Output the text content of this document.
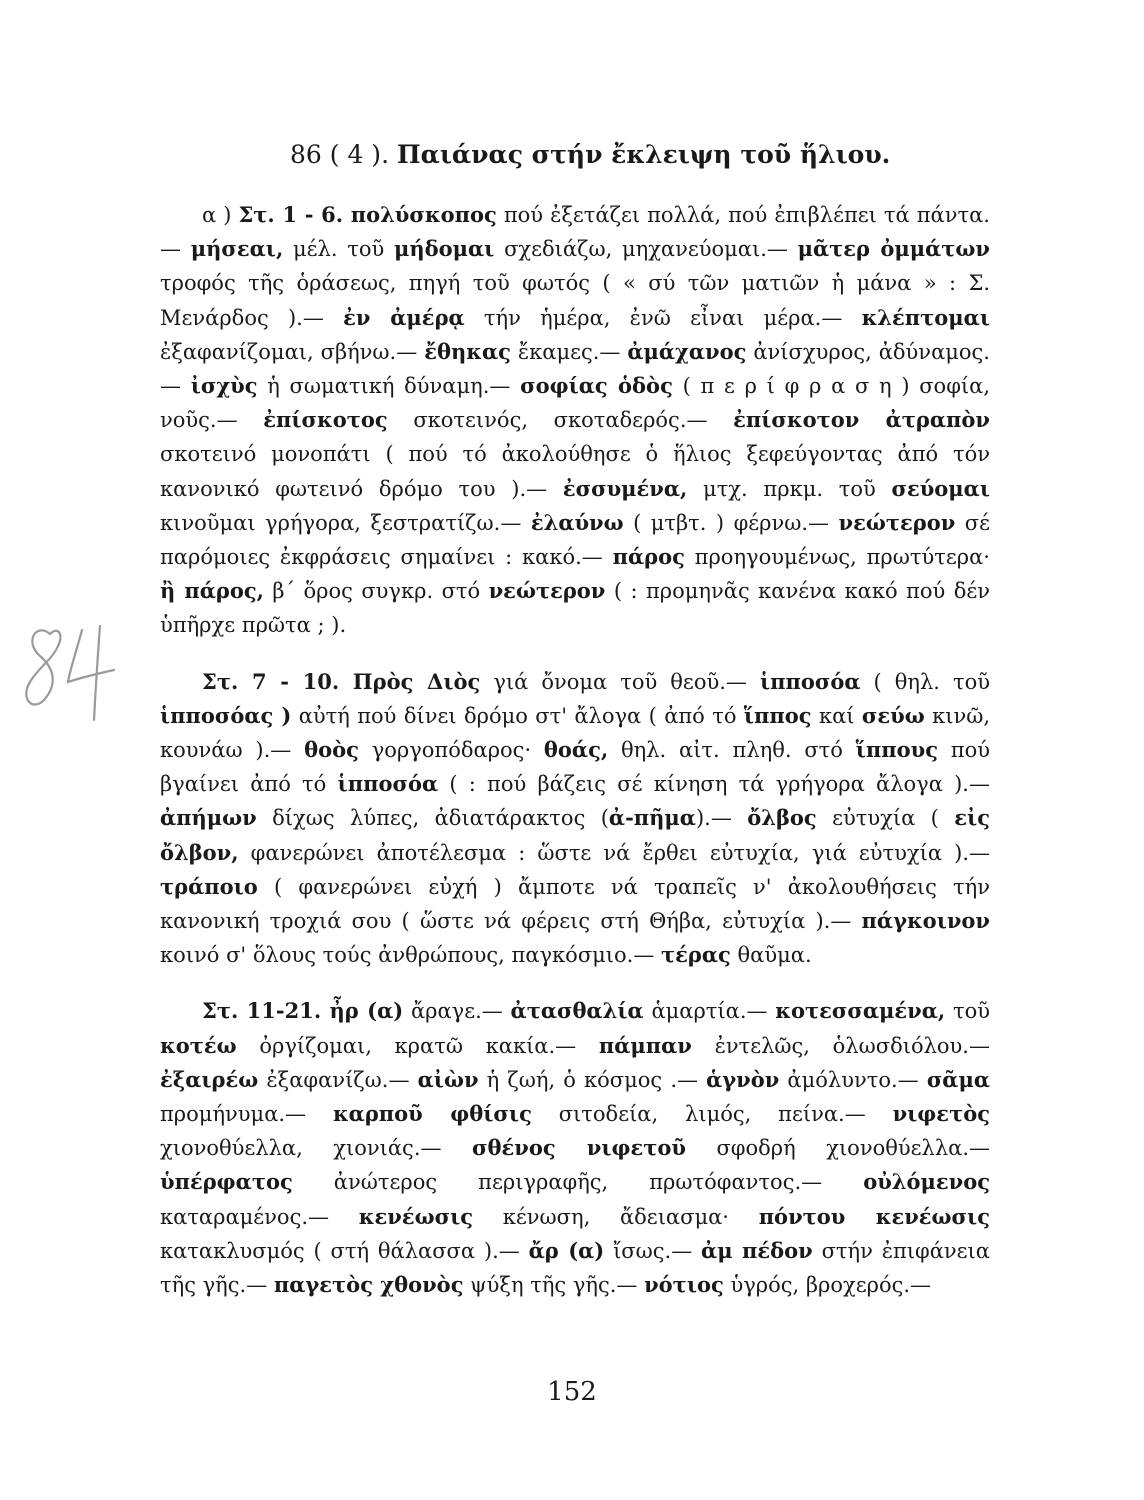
86 ( 4 ). Παιάνας στήν ἔκλειψη τοῦ ἥλιου.

α ) Στ. 1 - 6. πολύσκοπος πού ἐξετάζει πολλά, πού ἐπιβλέπει τά πάντα.— μήσεαι, μέλ. τοῦ μήδομαι σχεδιάζω, μηχανεύομαι.— μᾶτερ ὀμμάτων τροφός τῆς ὁράσεως, πηγή τοῦ φωτός ( « σύ τῶν ματιῶν ἡ μάνα » : Σ. Μενάρδος ).— ἐν ἀμέρᾳ τήν ἡμέρα, ἐνῶ εἶναι μέρα.— κλέπτομαι ἐξαφανίζομαι, σβήνω.— ἔθηκας ἔκαμες.— ἀμάχανος ἀνίσχυρος, ἀδύναμος.— ἰσχὺς ἡ σωματική δύναμη.— σοφίας ὁδὸς ( π ε ρ ί φ ρ α σ η ) σοφία, νοῦς.— ἐπίσκοτος σκοτεινός, σκοταδερός.— ἐπίσκοτον ἀτραπὸν σκοτεινό μονοπάτι ( πού τό ἀκολούθησε ὁ ἥλιος ξεφεύγοντας ἀπό τόν κανονικό φωτεινό δρόμο του ).— ἐσσυμένα, μτχ. πρκμ. τοῦ σεύομαι κινοῦμαι γρήγορα, ξεστρατίζω.— ἐλαύνω ( μτβτ. ) φέρνω.— νεώτερον σέ παρόμοιες ἐκφράσεις σημαίνει : κακό.— πάρος προηγουμένως, πρωτύτερα· ἢ πάρος, β΄ ὅρος συγκρ. στό νεώτερον ( : προμηνᾶς κανένα κακό πού δέν ὑπῆρχε πρῶτα ; ).

Στ. 7 - 10. Πρὸς Διὸς γιά ὄνομα τοῦ θεοῦ.— ἱπποσόα ( θηλ. τοῦ ἱπποσόας ) αὐτή πού δίνει δρόμο στ' ἄλογα ( ἀπό τό ἵππος καί σεύω κινῶ, κουνάω ).— θοὸς γοργοπόδαρος· θοάς, θηλ. αἰτ. πληθ. στό ἵππους πού βγαίνει ἀπό τό ἱπποσόα ( : πού βάζεις σέ κίνηση τά γρήγορα ἄλογα ).— ἀπήμων δίχως λύπες, ἀδιατάρακτος (ἀ-πῆμα).— ὄλβος εὐτυχία ( εἰς ὄλβον, φανερώνει ἀποτέλεσμα : ὥστε νά ἔρθει εὐτυχία, γιά εὐτυχία ).— τράποιο ( φανερώνει εὐχή ) ἄμποτε νά τραπεῖς ν' ἀκολουθήσεις τήν κανονική τροχιά σου ( ὥστε νά φέρεις στή Θήβα, εὐτυχία ).— πάγκοινον κοινό σ' ὅλους τούς ἀνθρώπους, παγκόσμιο.— τέρας θαῦμα.

Στ. 11-21. ἦρ (α) ἄραγε.— ἀτασθαλία ἁμαρτία.— κοτεσσαμένα, τοῦ κοτέω ὀργίζομαι, κρατῶ κακία.— πάμπαν ἐντελῶς, ὁλωσδιόλου.— ἐξαιρέω ἐξαφανίζω.— αἰὼν ἡ ζωή, ὁ κόσμος .— ἁγνὸν ἀμόλυντο.— σᾶμα προμήνυμα.— καρποῦ φθίσις σιτοδεία, λιμός, πείνα.— νιφετὸς χιονοθύελλα, χιονιάς.— σθένος νιφετοῦ σφοδρή χιονοθύελλα.— ὑπέρφατος ἀνώτερος περιγραφῆς, πρωτόφαντος.— οὐλόμενος καταραμένος.— κενέωσις κένωση, ἄδειασμα· πόντου κενέωσις κατακλυσμός ( στή θάλασσα ).— ἄρ (α) ἴσως.— ἀμ πέδον στήν ἐπιφάνεια τῆς γῆς.— παγετὸς χθονὸς ψύξη τῆς γῆς.— νότιος ὑγρός, βροχερός.—

152
